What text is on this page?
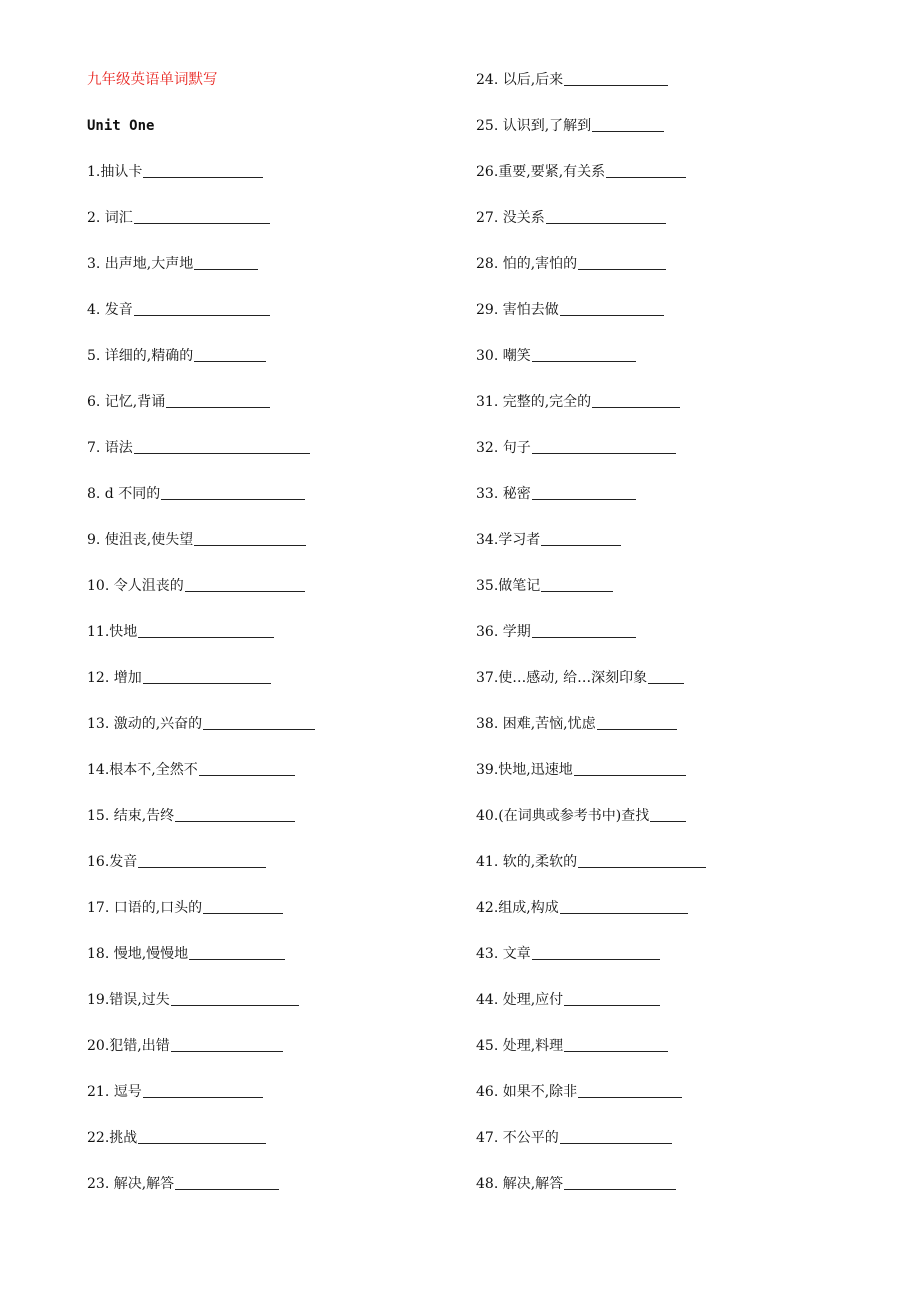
九年级英语单词默写
Unit One
1.抽认卡
2. 词汇
3. 出声地,大声地
4. 发音
5. 详细的,精确的
6. 记忆,背诵
7. 语法
8. d 不同的
9. 使沮丧,使失望
10. 令人沮丧的
11.快地
12. 增加
13. 激动的,兴奋的
14.根本不,全然不
15. 结束,告终
16.发音
17. 口语的,口头的
18. 慢地,慢慢地
19.错误,过失
20.犯错,出错
21. 逗号
22.挑战
23. 解决,解答
24. 以后,后来
25. 认识到,了解到
26.重要,要紧,有关系
27. 没关系
28. 怕的,害怕的
29. 害怕去做
30. 嘲笑
31. 完整的,完全的
32. 句子
33. 秘密
34.学习者
35.做笔记
36. 学期
37.使…感动, 给…深刻印象
38. 困难,苦恼,忧虑
39.快地,迅速地
40.(在词典或参考书中)查找
41. 软的,柔软的
42.组成,构成
43. 文章
44. 处理,应付
45. 处理,料理
46. 如果不,除非
47. 不公平的
48. 解决,解答
